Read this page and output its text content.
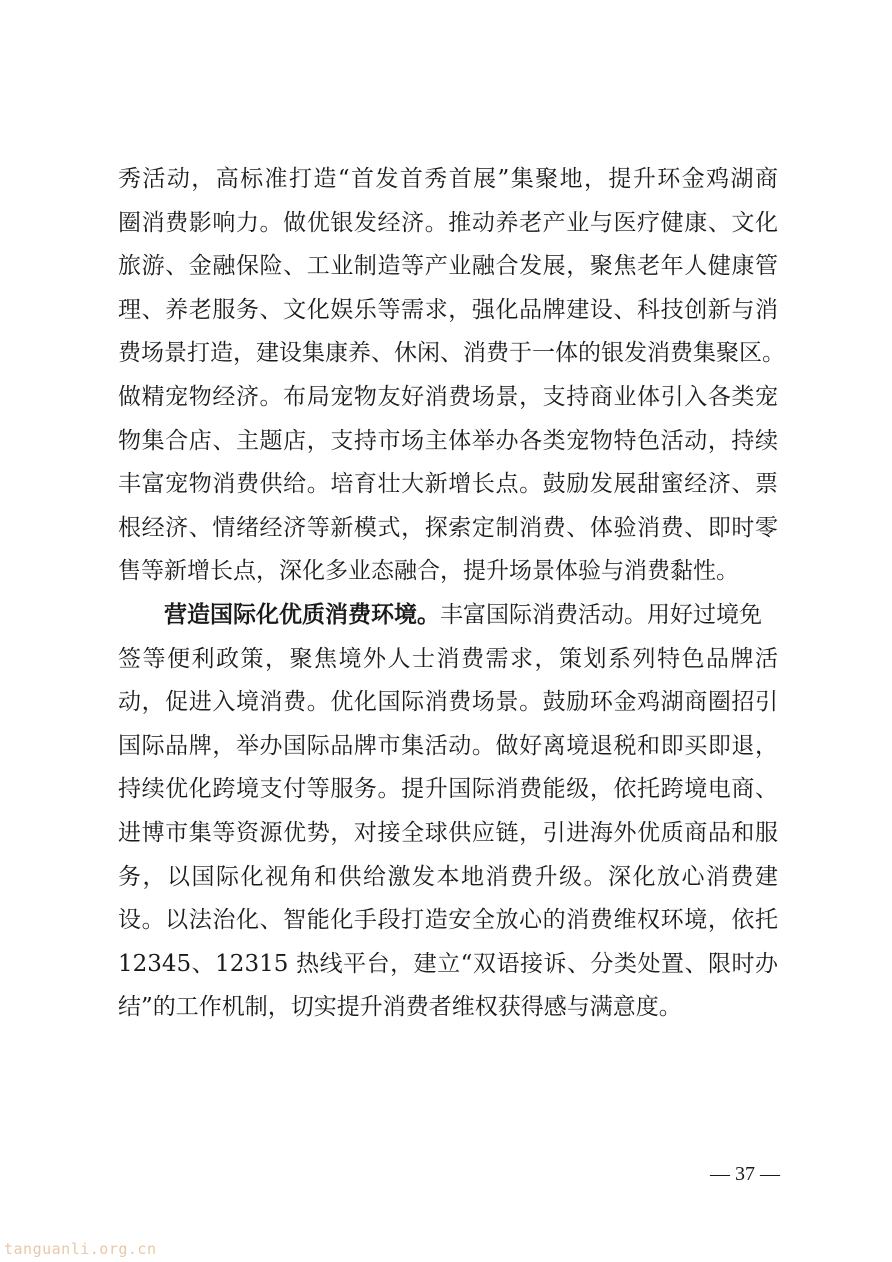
秀活动，高标准打造“首发首秀首展”集聚地，提升环金鸡湖商
圈消费影响力。做优银发经济。推动养老产业与医疗健康、文化
旅游、金融保险、工业制造等产业融合发展，聚焦老年人健康管
理、养老服务、文化娱乐等需求，强化品牌建设、科技创新与消
费场景打造，建设集康养、休闲、消费于一体的银发消费集聚区。
做精宠物经济。布局宠物友好消费场景，支持商业体引入各类宠
物集合店、主题店，支持市场主体举办各类宠物特色活动，持续
丰富宠物消费供给。培育壮大新增长点。鼓励发展甜蜜经济、票
根经济、情绪经济等新模式，探索定制消费、体验消费、即时零
售等新增长点，深化多业态融合，提升场景体验与消费黏性。
营造国际化优质消费环境。丰富国际消费活动。用好过境免
签等便利政策，聚焦境外人士消费需求，策划系列特色品牌活
动，促进入境消费。优化国际消费场景。鼓励环金鸡湖商圈招引
国际品牌，举办国际品牌市集活动。做好离境退税和即买即退，
持续优化跨境支付等服务。提升国际消费能级，依托跨境电商、
进博市集等资源优势，对接全球供应链，引进海外优质商品和服
务，以国际化视角和供给激发本地消费升级。深化放心消费建
设。以法治化、智能化手段打造安全放心的消费维权环境，依托
12345、12315 热线平台，建立“双语接诉、分类处置、限时办
结”的工作机制，切实提升消费者维权获得感与满意度。
— 37 —
tanguanli.org.cn
